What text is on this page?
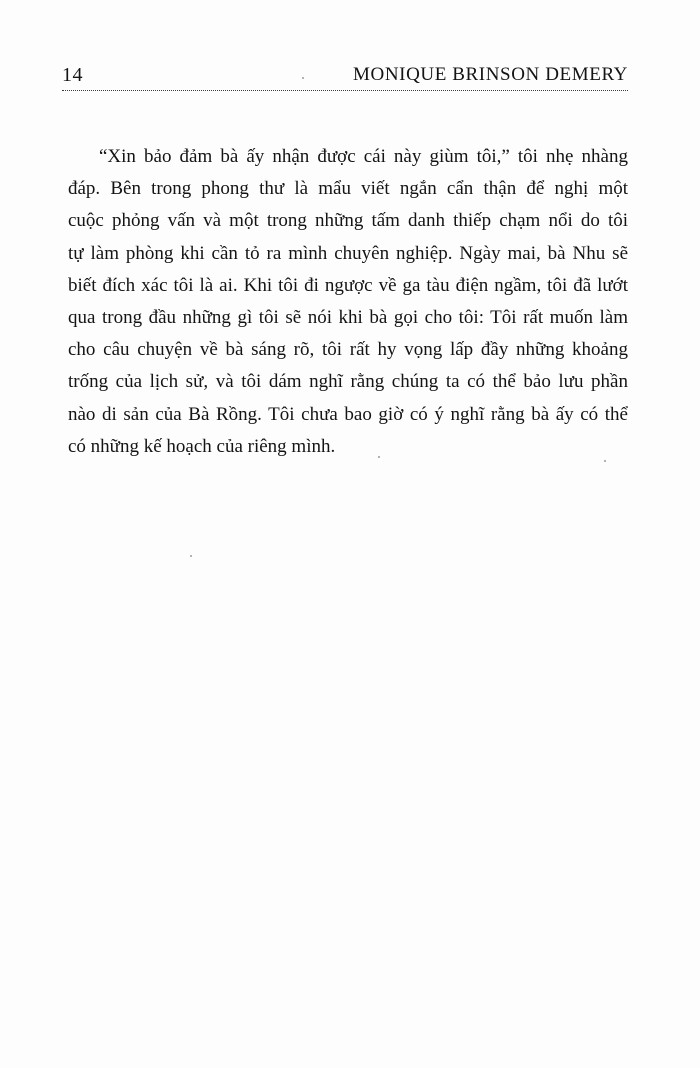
14	MONIQUE BRINSON DEMERY

“Xin bảo đảm bà ấy nhận được cái này giùm tôi,” tôi nhẹ nhàng
đáp. Bên trong phong thư là mẩu viết ngắn cẩn thận để nghị một
cuộc phỏng vấn và một trong những tấm danh thiếp chạm nổi do tôi
tự làm phòng khi cần tỏ ra mình chuyên nghiệp. Ngày mai, bà Nhu sẽ
biết đích xác tôi là ai. Khi tôi đi ngược về ga tàu điện ngầm, tôi đã lướt
qua trong đầu những gì tôi sẽ nói khi bà gọi cho tôi: Tôi rất muốn làm
cho câu chuyện về bà sáng rõ, tôi rất hy vọng lấp đầy những khoảng
trống của lịch sử, và tôi dám nghĩ rằng chúng ta có thể bảo lưu phần
nào di sản của Bà Rồng. Tôi chưa bao giờ có ý nghĩ rằng bà ấy có thể
có những kế hoạch của riêng mình.
